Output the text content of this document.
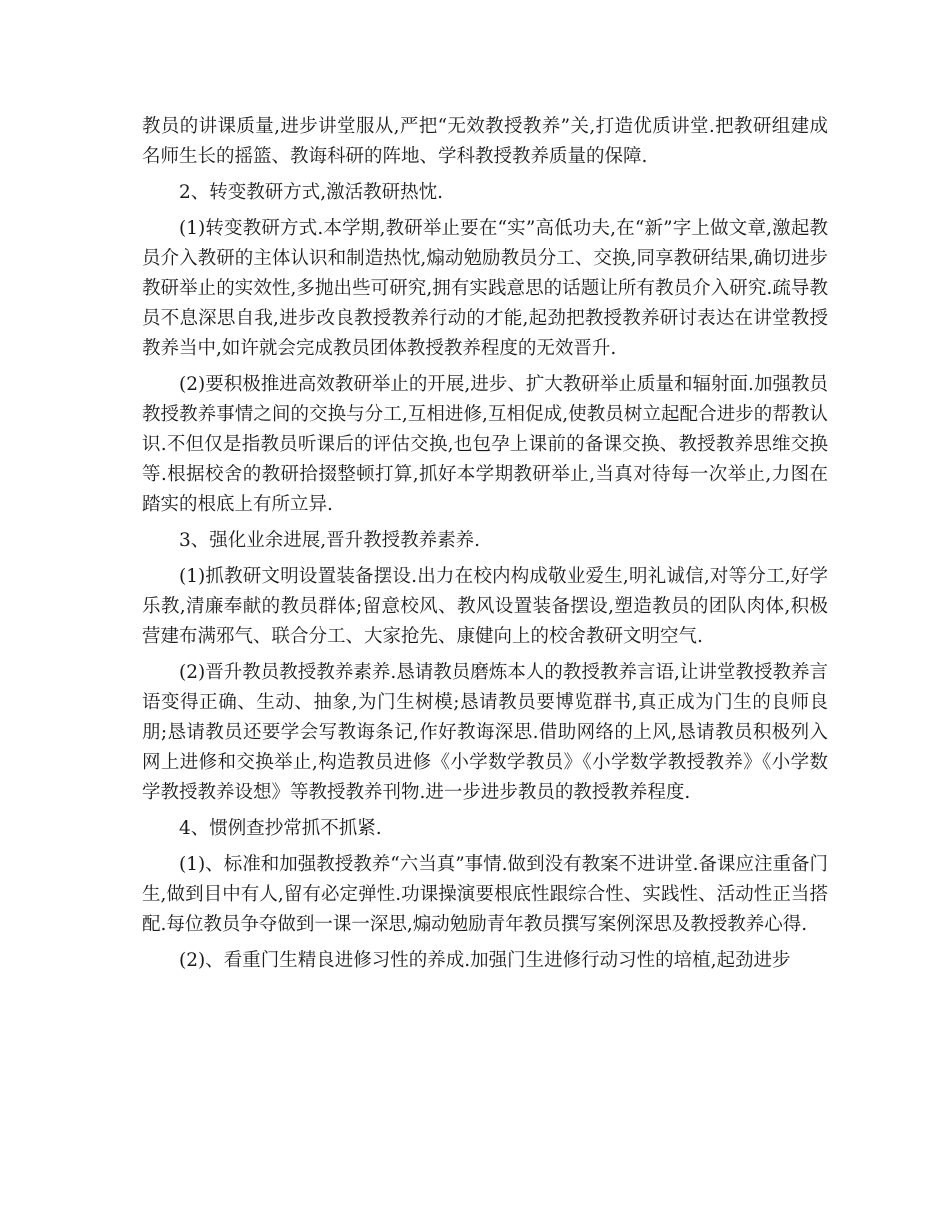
教员的讲课质量,进步讲堂服从,严把“无效教授教养”关,打造优质讲堂.把教研组建成名师生长的摇篮、教诲科研的阵地、学科教授教养质量的保障.

2、转变教研方式,激活教研热忱.

(1)转变教研方式.本学期,教研举止要在“实”高低功夫,在“新”字上做文章,激起教员介入教研的主体认识和制造热忱,煽动勉励教员分工、交换,同享教研结果,确切进步教研举止的实效性,多抛出些可研究,拥有实践意思的话题让所有教员介入研究.疏导教员不息深思自我,进步改良教授教养行动的才能,起劲把教授教养研讨表达在讲堂教授教养当中,如许就会完成教员团体教授教养程度的无效晋升.

(2)要积极推进高效教研举止的开展,进步、扩大教研举止质量和辐射面.加强教员教授教养事情之间的交换与分工,互相进修,互相促成,使教员树立起配合进步的帮教认识.不但仅是指教员听课后的评估交换,也包孕上课前的备课交换、教授教养思维交换等.根据校舍的教研拾掇整顿打算,抓好本学期教研举止,当真对待每一次举止,力图在踏实的根底上有所立异.

3、强化业余进展,晋升教授教养素养.

(1)抓教研文明设置装备摆设.出力在校内构成敬业爱生,明礼诚信,对等分工,好学乐教,清廉奉献的教员群体;留意校风、教风设置装备摆设,塑造教员的团队肉体,积极营建布满邪气、联合分工、大家抢先、康健向上的校舍教研文明空气.

(2)晋升教员教授教养素养.恳请教员磨炼本人的教授教养言语,让讲堂教授教养言语变得正确、生动、抽象,为门生树模;恳请教员要博览群书,真正成为门生的良师良朋;恳请教员还要学会写教诲条记,作好教诲深思.借助网络的上风,恳请教员积极列入网上进修和交换举止,构造教员进修《小学数学教员》《小学数学教授教养》《小学数学教授教养设想》等教授教养刊物.进一步进步教员的教授教养程度.

4、惯例查抄常抓不抓紧.

(1)、标准和加强教授教养“六当真”事情.做到没有教案不进讲堂.备课应注重备门生,做到目中有人,留有必定弹性.功课操演要根底性跟综合性、实践性、活动性正当搭配.每位教员争夺做到一课一深思,煽动勉励青年教员撰写案例深思及教授教养心得.

(2)、看重门生精良进修习性的养成.加强门生进修行动习性的培植,起劲进步
